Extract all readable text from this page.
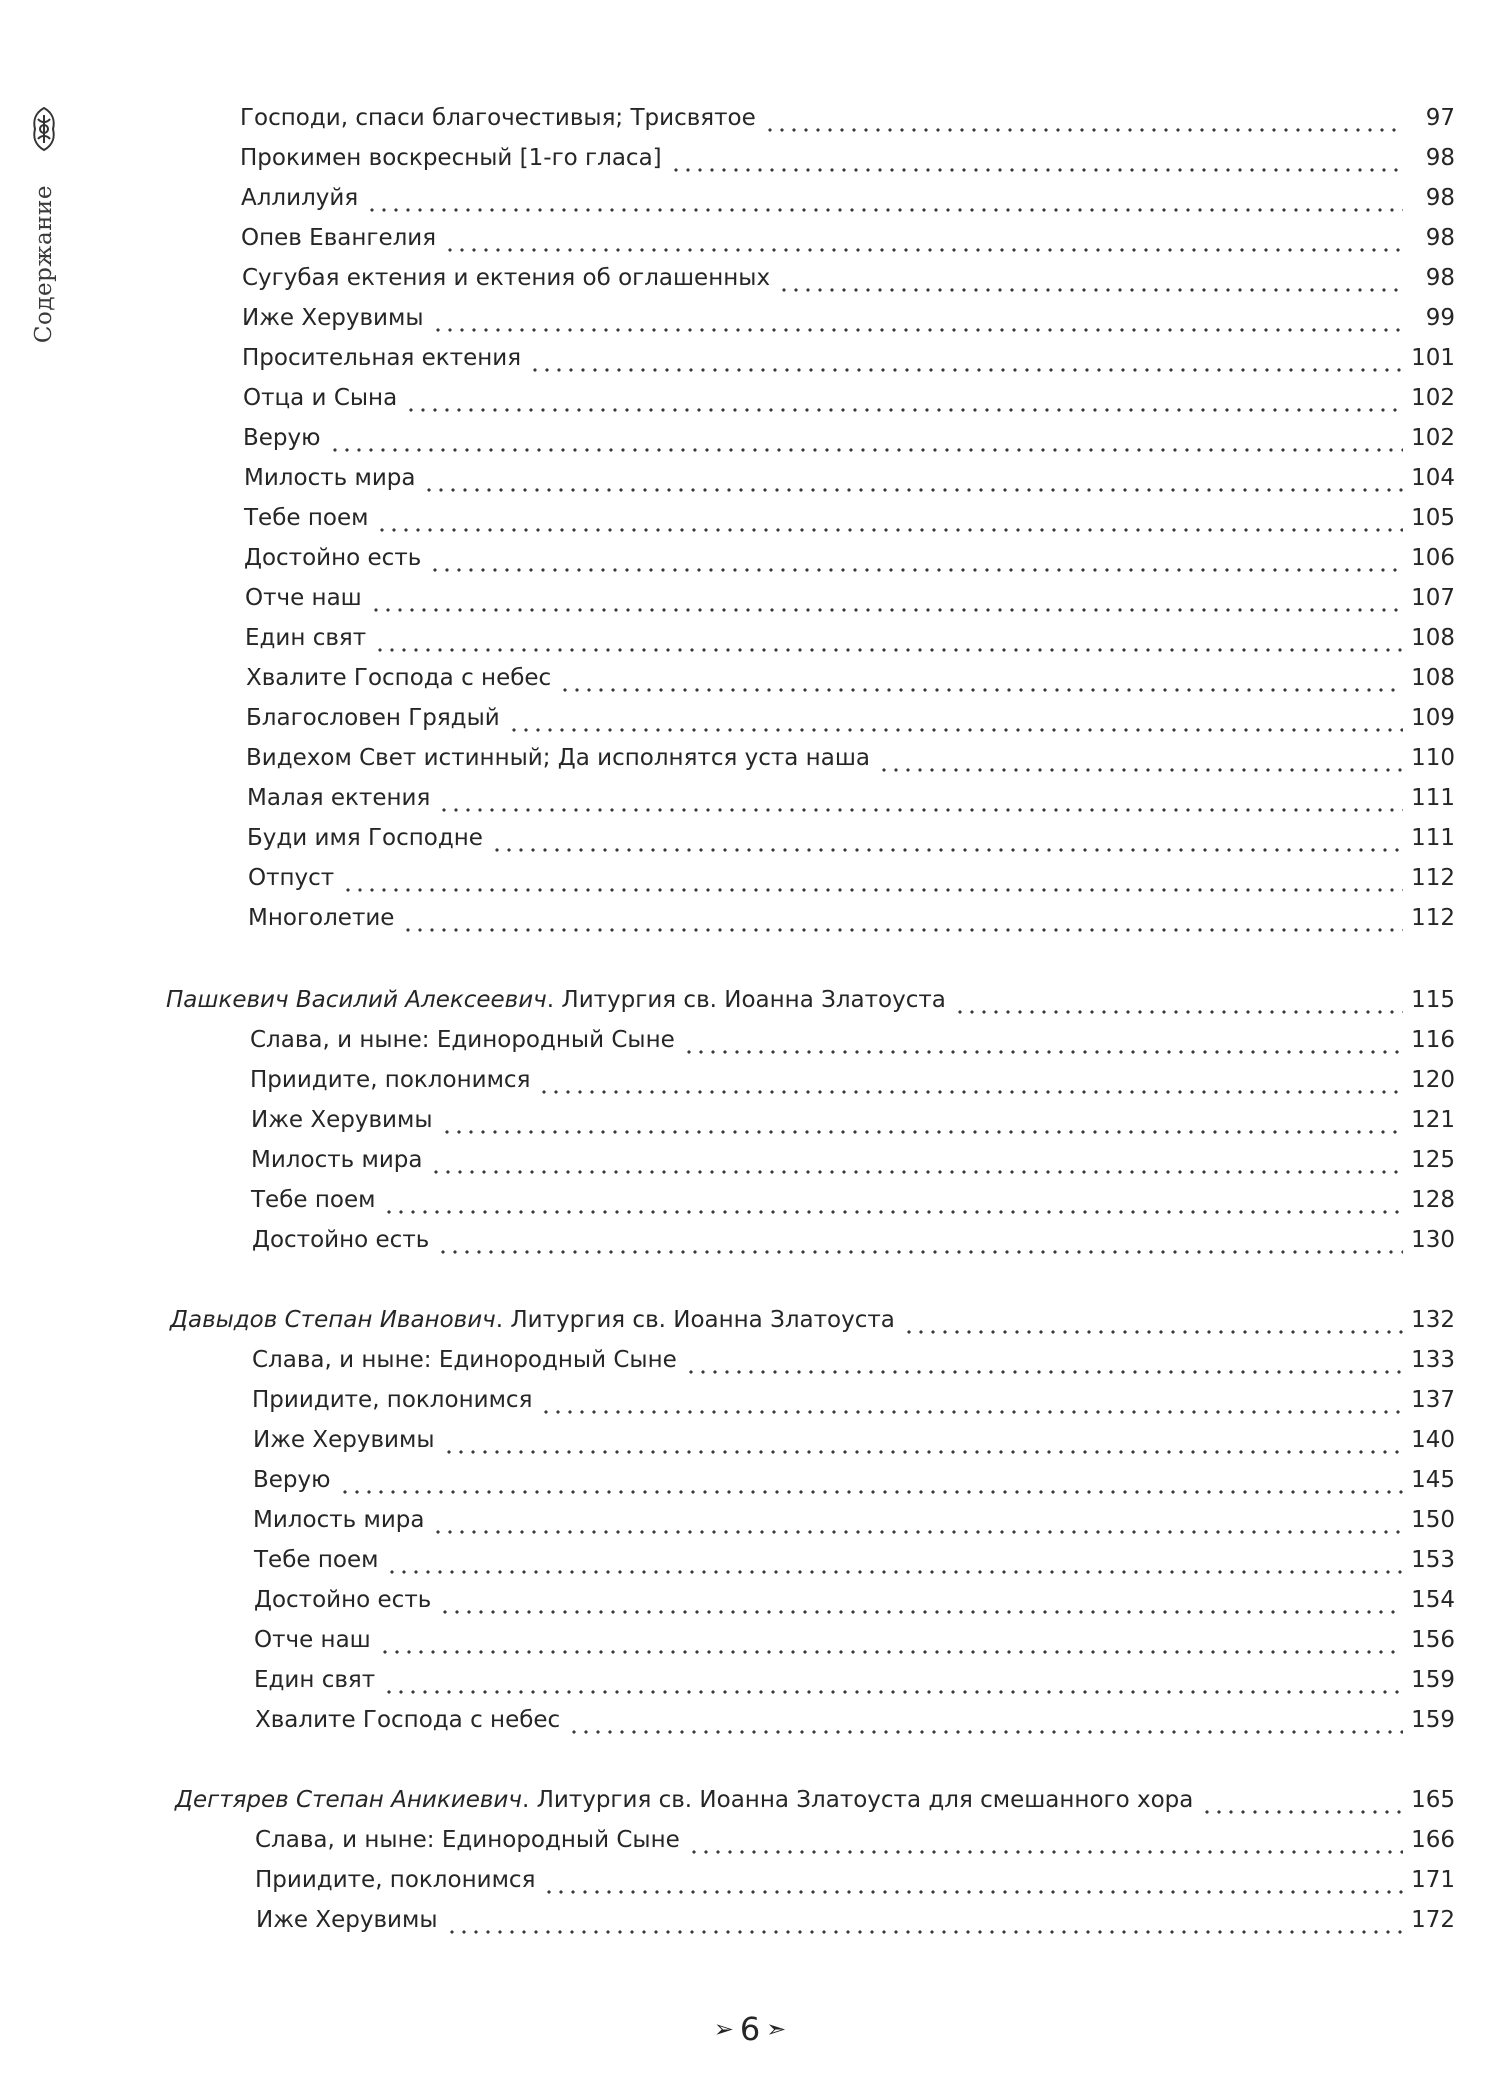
Содержание
Господи, спаси благочестивыя; Трисвятое	97
Прокимен воскресный [1-го гласа]	98
Аллилуйя	98
Опев Евангелия	98
Сугубая ектения и ектения об оглашенных	98
Иже Херувимы	99
Просительная ектения	101
Отца и Сына	102
Верую	102
Милость мира	104
Тебе поем	105
Достойно есть	106
Отче наш	107
Един свят	108
Хвалите Господа с небес	108
Благословен Грядый	109
Видехом Свет истинный; Да исполнятся уста наша	110
Малая ектения	111
Буди имя Господне	111
Отпуст	112
Многолетие	112
Пашкевич Василий Алексеевич. Литургия св. Иоанна Златоуста	115
Слава, и ныне: Единородный Сыне	116
Приидите, поклонимся	120
Иже Херувимы	121
Милость мира	125
Тебе поем	128
Достойно есть	130
Давыдов Степан Иванович. Литургия св. Иоанна Златоуста	132
Слава, и ныне: Единородный Сыне	133
Приидите, поклонимся	137
Иже Херувимы	140
Верую	145
Милость мира	150
Тебе поем	153
Достойно есть	154
Отче наш	156
Един свят	159
Хвалите Господа с небес	159
Дегтярев Степан Аникиевич. Литургия св. Иоанна Златоуста для смешанного хора	165
Слава, и ныне: Единородный Сыне	166
Приидите, поклонимся	171
Иже Херувимы	172
➢ 6 ➣
